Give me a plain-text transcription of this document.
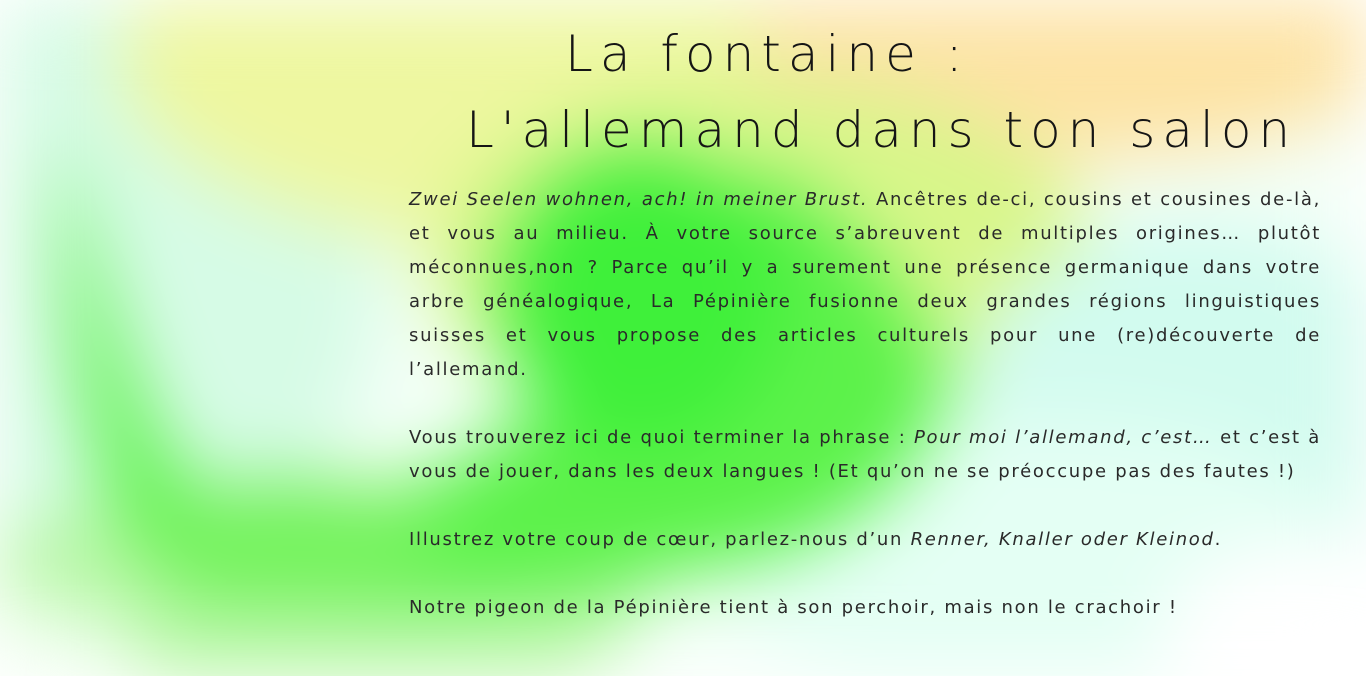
La fontaine :
L'allemand dans ton salon

Zwei Seelen wohnen, ach! in meiner Brust. Ancêtres de-ci, cousins et cousines de-là, et vous au milieu. À votre source s’abreuvent de multiples origines… plutôt méconnues,non ? Parce qu’il y a surement une présence germanique dans votre arbre généalogique, La Pépinière fusionne deux grandes régions linguistiques suisses et vous propose des articles culturels pour une (re)découverte de l’allemand.

Vous trouverez ici de quoi terminer la phrase : Pour moi l’allemand, c’est… et c’est à vous de jouer, dans les deux langues ! (Et qu’on ne se préoccupe pas des fautes !)

Illustrez votre coup de cœur, parlez-nous d’un Renner, Knaller oder Kleinod.

Notre pigeon de la Pépinière tient à son perchoir, mais non le crachoir !
